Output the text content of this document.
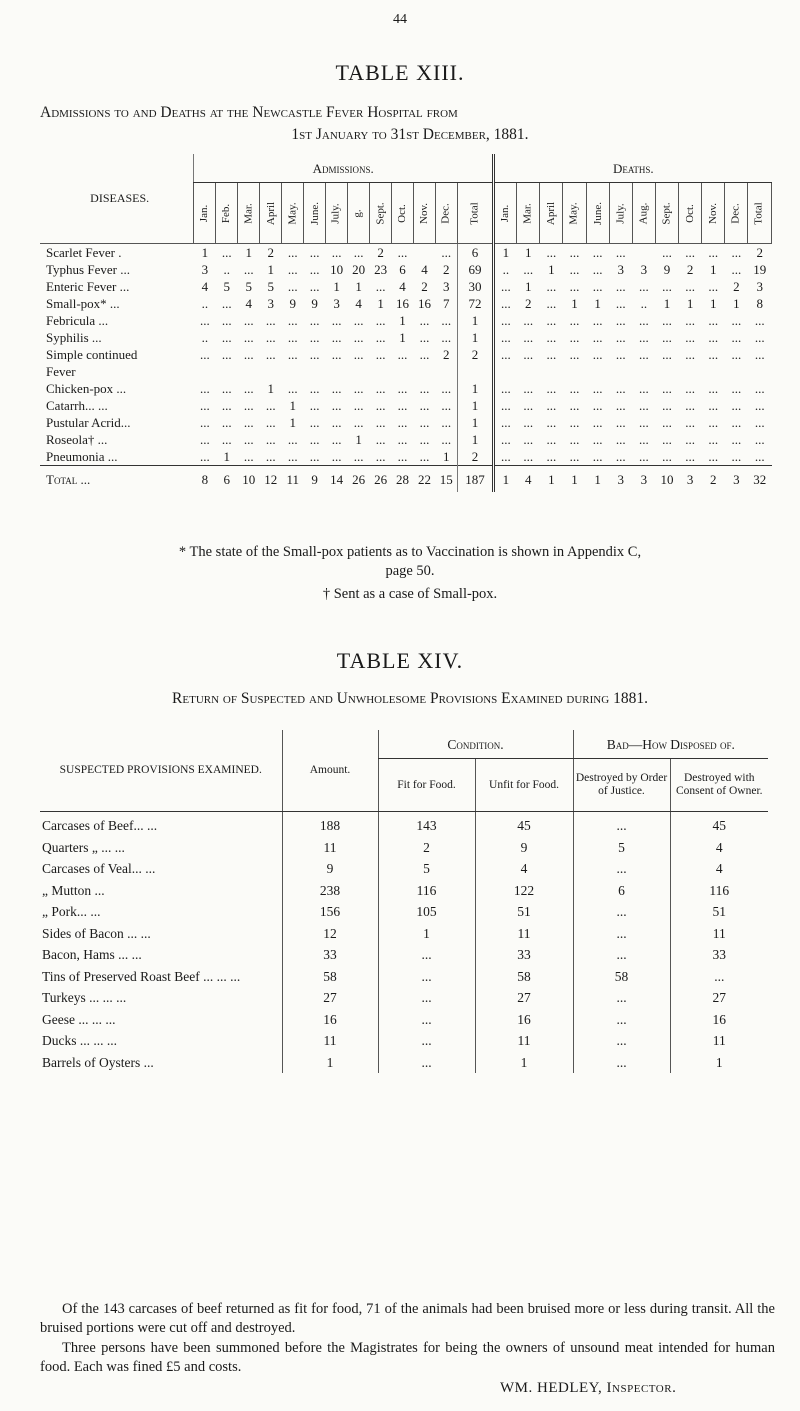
44
TABLE XIII.
Admissions to and Deaths at the Newcastle Fever Hospital from
1st January to 31st December, 1881.
DISEASES.	Admissions.													Deaths.											
	Jan.	Feb.	Mar.	April	May.	June.	July.	g.	Sept.	Oct.	Nov.	Dec.	Total	Jan.	Mar.	April	May.	June.	July.	Aug.	Sept.	Oct.	Nov.	Dec.	Total
Scarlet Fever .	1	...	1	2	...	...	...	...	2	...		...	6	1	1	...	...	...	...		...	...	...	...	2
Typhus Fever ...	3	..	...	1	...	...	10	20	23	6	4	2	69	..	...	1	...	...	3	3	9	2	1	...	19
Enteric Fever ...	4	5	5	5	...	...	1	1	...	4	2	3	30	...	1	...	...	...	...	...	...	...	...	2	3
Small-pox* ...	..	...	4	3	9	9	3	4	1	16	16	7	72	...	2	...	1	1	...	..	1	1	1	1	8
Febricula ...	...	...	...	...	...	...	...	...	...	1	...	...	1	...	...	...	...	...	...	...	...	...	...	...	...
Syphilis ...	..	...	...	...	...	...	...	...	...	1	...	...	1	...	...	...	...	...	...	...	...	...	...	...	...
Simple continued	...	...	...	...	...	...	...	...	...	...	...	2	2	...	...	...	...	...	...	...	...	...	...	...	...
Fever																									
Chicken-pox ...	...	...	...	1	...	...	...	...	...	...	...	...	1	...	...	...	...	...	...	...	...	...	...	...	...
Catarrh... ...	...	...	...	...	1	...	...	...	...	...	...	...	1	...	...	...	...	...	...	...	...	...	...	...	...
Pustular Acrid...	...	...	...	...	1	...	...	...	...	...	...	...	1	...	...	...	...	...	...	...	...	...	...	...	...
Roseola† ...	...	...	...	...	...	...	...	1	...	...	...	...	1	...	...	...	...	...	...	...	...	...	...	...	...
Pneumonia ...	...	1	...	...	...	...	...	...	...	...	...	1	2	...	...	...	...	...	...	...	...	...	...	...	...
Total ...	8	6	10	12	11	9	14	26	26	28	22	15	187	1	4	1	1	1	3	3	10	3	2	3	32
* The state of the Small-pox patients as to Vaccination is shown in Appendix C,
page 50.
† Sent as a case of Small-pox.
TABLE XIV.
Return of Suspected and Unwholesome Provisions Examined during 1881.
SUSPECTED PROVISIONS EXAMINED.	Amount.	Condition.		Bad—How Disposed of.	
		Fit for Food.	Unfit for Food.	Destroyed by Order of Justice.	Destroyed with Consent of Owner.
Carcases of Beef... ...	188	143	45	...	45
Quarters „ ... ...	11	2	9	5	4
Carcases of Veal... ...	9	5	4	...	4
„ Mutton ...	238	116	122	6	116
„ Pork... ...	156	105	51	...	51
Sides of Bacon ... ...	12	1	11	...	11
Bacon, Hams ... ...	33	...	33	...	33
Tins of Preserved Roast Beef ... ... ...	58	...	58	58	...
Turkeys ... ... ...	27	...	27	...	27
Geese ... ... ...	16	...	16	...	16
Ducks ... ... ...	11	...	11	...	11
Barrels of Oysters ...	1	...	1	...	1
Of the 143 carcases of beef returned as fit for food, 71 of the animals had been bruised more or less during transit. All the bruised portions were cut off and destroyed.
Three persons have been summoned before the Magistrates for being the owners of unsound meat intended for human food. Each was fined £5 and costs.
WM. HEDLEY, Inspector.
